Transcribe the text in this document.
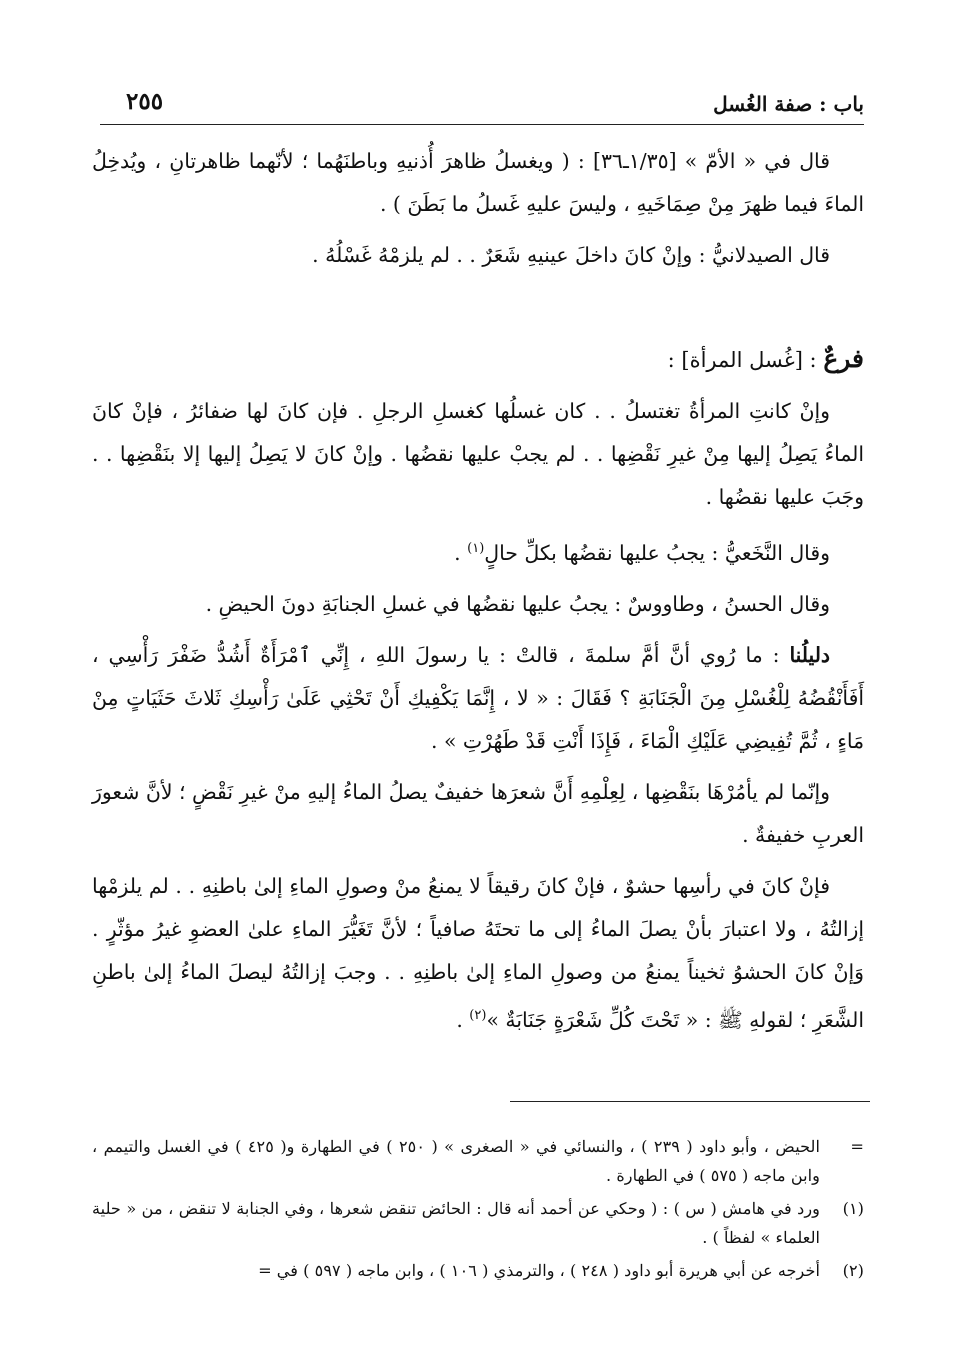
باب : صفة الغُسل
٢٥٥

قال في « الأمّ » [١/٣٥ـ٣٦] : ( ويغسلُ ظاهرَ أُذنيهِ وباطنَهُما ؛ لأنّهما ظاهرتانِ ، ويُدخِلُ الماءَ فيما ظهرَ مِنْ صِمَاخَيهِ ، وليسَ عليهِ غَسلُ ما بَطَنَ ) .

قال الصيدلانيُّ : وإنْ كانَ داخلَ عينيهِ شَعَرٌ . . لم يلزمْهُ غَسْلُهُ .

فرعٌ : [غُسل المرأة] :

وإنْ كانتِ المرأةُ تغتسلُ . . كان غسلُها كغسلِ الرجلِ . فإن كانَ لها ضفائرُ ، فإنْ كانَ الماءُ يَصِلُ إليها مِنْ غيرِ نَقْضِها . . لم يجبْ عليها نقضُها . وإنْ كانَ لا يَصِلُ إليها إلا بنَقْضِها . . وجَبَ عليها نقضُها .

وقال النَّخَعيُّ : يجبُ عليها نقضُها بكلِّ حالٍ$^{(١)}$ .

وقال الحسنُ ، وطاووسٌ : يجبُ عليها نقضُها في غسلِ الجنابَةِ دونَ الحيضِ .

دليلُنا : ما رُوي أنَّ أمَّ سلمةَ ، قالتْ : يا رسولَ اللهِ ، إِنِّي ٱمْرَأَةٌ أَشُدُّ ضَفْرَ رَأْسِي ، أَفَأَنْقُضُهُ لِلْغُسْلِ مِنَ الْجَنَابَةِ ؟ فَقَالَ : « لا ، إِنَّمَا يَكْفِيكِ أَنْ تَحْثِي عَلَىٰ رَأْسِكِ ثَلاثَ حَثَيَاتٍ مِنْ مَاءٍ ، ثُمَّ تُفِيضِي عَلَيْكِ الْمَاءَ ، فَإِذَا أَنْتِ قَدْ طَهُرْتِ » .

وإنّما لم يأمُرْهَا بنَقْضِها ، لِعِلْمِهِ أَنَّ شعرَها خفيفٌ يصلُ الماءُ إليهِ منْ غيرِ نَقْضٍ ؛ لأنَّ شعورَ العربِ خفيفةٌ .

فإنْ كانَ في رأسِها حشوٌ ، فإنْ كانَ رقيقاً لا يمنعُ منْ وصولِ الماءِ إلىٰ باطنِهِ . . لم يلزمْها إزالتُهُ ، ولا اعتبارَ بأنْ يصلَ الماءُ إلى ما تحتَهُ صافياً ؛ لأنَّ تَغَيُّرَ الماءِ علىٰ العضوِ غيرُ مؤثّرٍ . وَإنْ كانَ الحشوُ ثخيناً يمنعُ من وصولِ الماءِ إلىٰ باطنِهِ . . وجبَ إزالتُهُ ليصلَ الماءُ إلىٰ باطنِ الشَّعَرِ ؛ لقولهِ ﷺ : « تَحْتَ كُلِّ شَعْرَةٍ جَنَابَةٌ »$^{(٢)}$ .

=
الحيض ، وأبو داود ( ٢٣٩ ) ، والنسائي في « الصغرى » ( ٢٥٠ ) في الطهارة و( ٤٢٥ ) في الغسل والتيمم ، وابن ماجه ( ٥٧٥ ) في الطهارة .
(١)
ورد في هامش ( س ) : ( وحكي عن أحمد أنه قال : الحائض تنقض شعرها ، وفي الجنابة لا تنقض ، من « حلية العلماء » لفظاً ) .
(٢)
أخرجه عن أبي هريرة أبو داود ( ٢٤٨ ) ، والترمذي ( ١٠٦ ) ، وابن ماجه ( ٥٩٧ ) في =
